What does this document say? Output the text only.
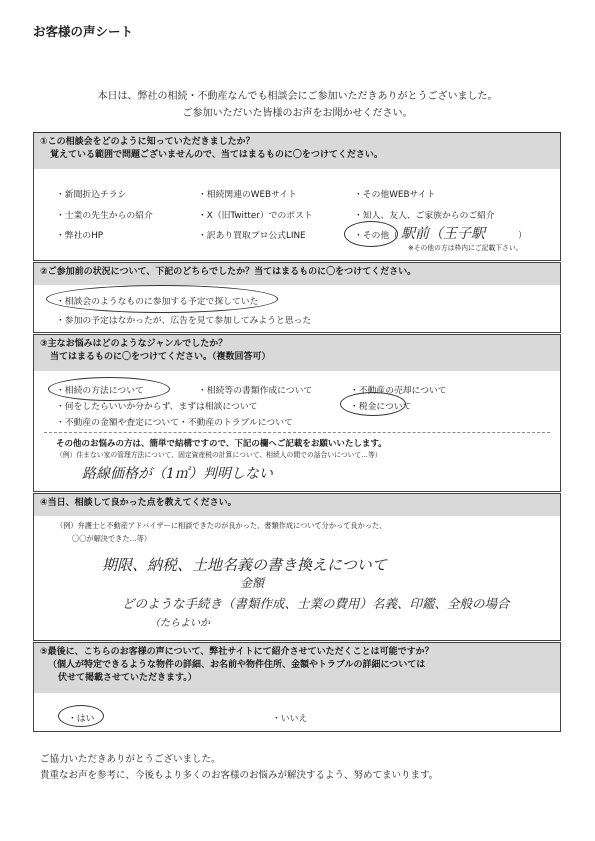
お客様の声シート
本日は、弊社の相続・不動産なんでも相談会にご参加いただきありがとうございました。
ご参加いただいた皆様のお声をお聞かせください。
①この相談会をどのように知っていただきましたか？
覚えている範囲で問題ございませんので、当てはまるものに〇をつけてください。
・新聞折込チラシ	・相続関連のWEBサイト	・その他WEBサイト
・士業の先生からの紹介	・X（旧Twitter）でのポスト	・知人、友人、ご家族からのご紹介
・弊社のHP	・訳あり買取プロ公式LINE	・その他（ 駅前（王子駅	）
※その他の方は枠内にご記載下さい。
②ご参加前の状況について、下記のどちらでしたか？当てはまるものに〇をつけてください。
・相談会のようなものに参加する予定で探していた
・参加の予定はなかったが、広告を見て参加してみようと思った
③主なお悩みはどのようなジャンルでしたか？
当てはまるものに〇をつけてください。（複数回答可）
・相続の方法について	・相続等の書類作成について	・不動産の売却について
・何をしたらいいか分からず、まずは相談について	・税金について
・不動産の金額や査定について・不動産のトラブルについて
その他のお悩みの方は、簡単で結構ですので、下記の欄へご記載をお願いいたします。
（例）住まない家の管理方法について、固定資産税の計算について、相続人の間での話合いについて…等）
路線価格が（1㎡）判明しない
④当日、相談して良かった点を教えてください。
（例）弁護士と不動産アドバイザーに相談できたのが良かった、書類作成について分かって良かった、
〇〇が解決できた…等）
期限、納税、土地名義の書き換えについて
金額
どのような手続き（書類作成、士業の費用）名義、印鑑、全般の場合
（たらよいか
⑤最後に、こちらのお客様の声について、弊社サイトにて紹介させていただくことは可能ですか？
（個人が特定できるような物件の詳細、お名前や物件住所、金額やトラブルの詳細については
伏せて掲載させていただきます。）
・はい	・いいえ
ご協力いただきありがとうございました。
貴重なお声を参考に、今後もより多くのお客様のお悩みが解決するよう、努めてまいります。
